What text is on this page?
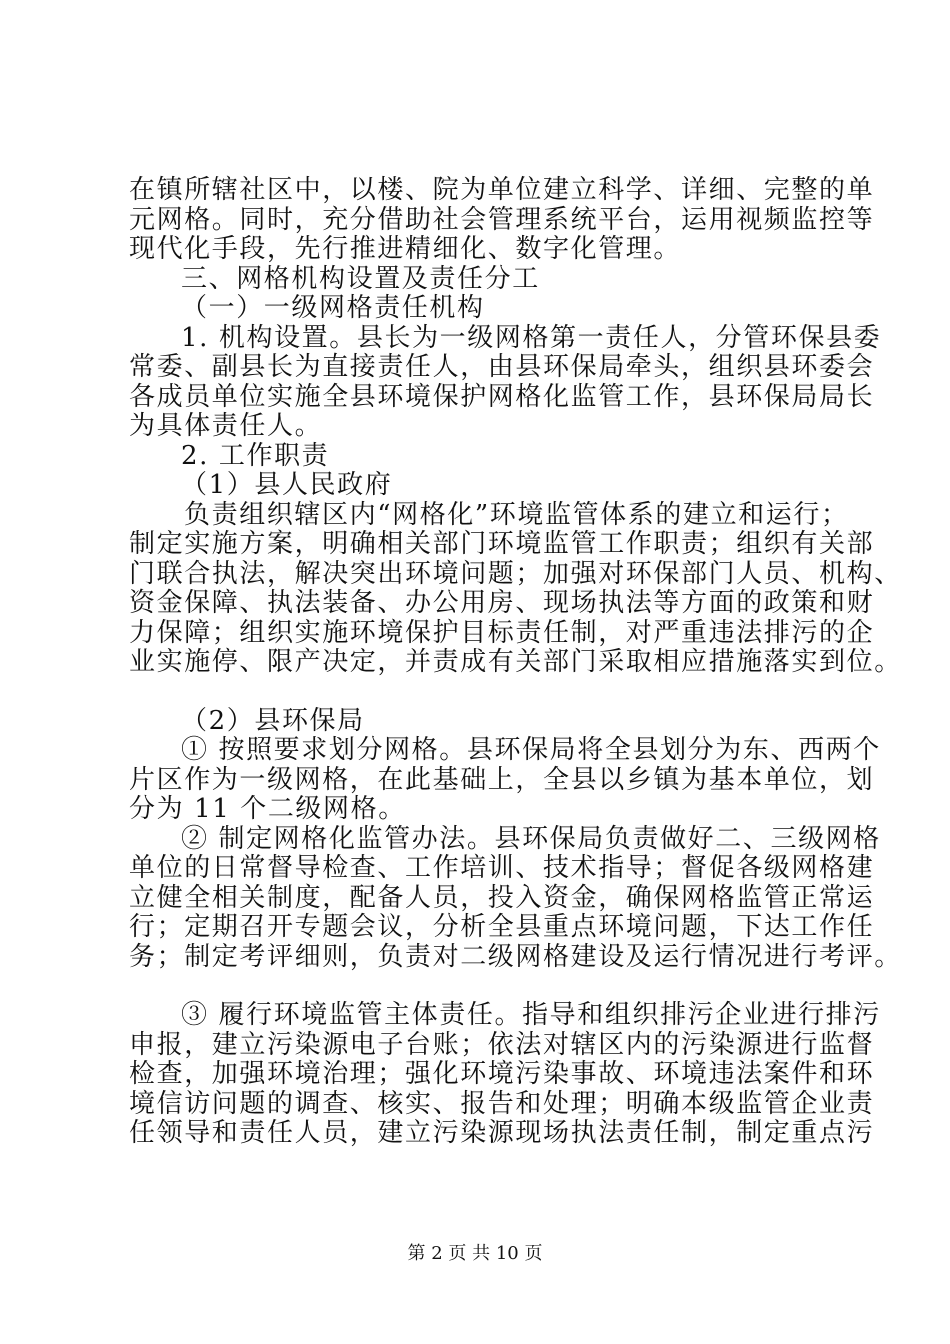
在镇所辖社区中，以楼、院为单位建立科学、详细、完整的单
元网格。同时，充分借助社会管理系统平台，运用视频监控等
现代化手段，先行推进精细化、数字化管理。
三、网格机构设置及责任分工
（一）一级网格责任机构
1. 机构设置。县长为一级网格第一责任人，分管环保县委
常委、副县长为直接责任人，由县环保局牵头，组织县环委会
各成员单位实施全县环境保护网格化监管工作，县环保局局长
为具体责任人。
2. 工作职责
（1）县人民政府
负责组织辖区内“网格化”环境监管体系的建立和运行；
制定实施方案，明确相关部门环境监管工作职责；组织有关部
门联合执法，解决突出环境问题；加强对环保部门人员、机构、
资金保障、执法装备、办公用房、现场执法等方面的政策和财
力保障；组织实施环境保护目标责任制，对严重违法排污的企
业实施停、限产决定，并责成有关部门采取相应措施落实到位。
（2）县环保局
① 按照要求划分网格。县环保局将全县划分为东、西两个
片区作为一级网格，在此基础上，全县以乡镇为基本单位，划
分为 11 个二级网格。
② 制定网格化监管办法。县环保局负责做好二、三级网格
单位的日常督导检查、工作培训、技术指导；督促各级网格建
立健全相关制度，配备人员，投入资金，确保网格监管正常运
行；定期召开专题会议，分析全县重点环境问题，下达工作任
务；制定考评细则，负责对二级网格建设及运行情况进行考评。
③ 履行环境监管主体责任。指导和组织排污企业进行排污
申报，建立污染源电子台账；依法对辖区内的污染源进行监督
检查，加强环境治理；强化环境污染事故、环境违法案件和环
境信访问题的调查、核实、报告和处理；明确本级监管企业责
任领导和责任人员，建立污染源现场执法责任制，制定重点污
第 2 页 共 10 页
